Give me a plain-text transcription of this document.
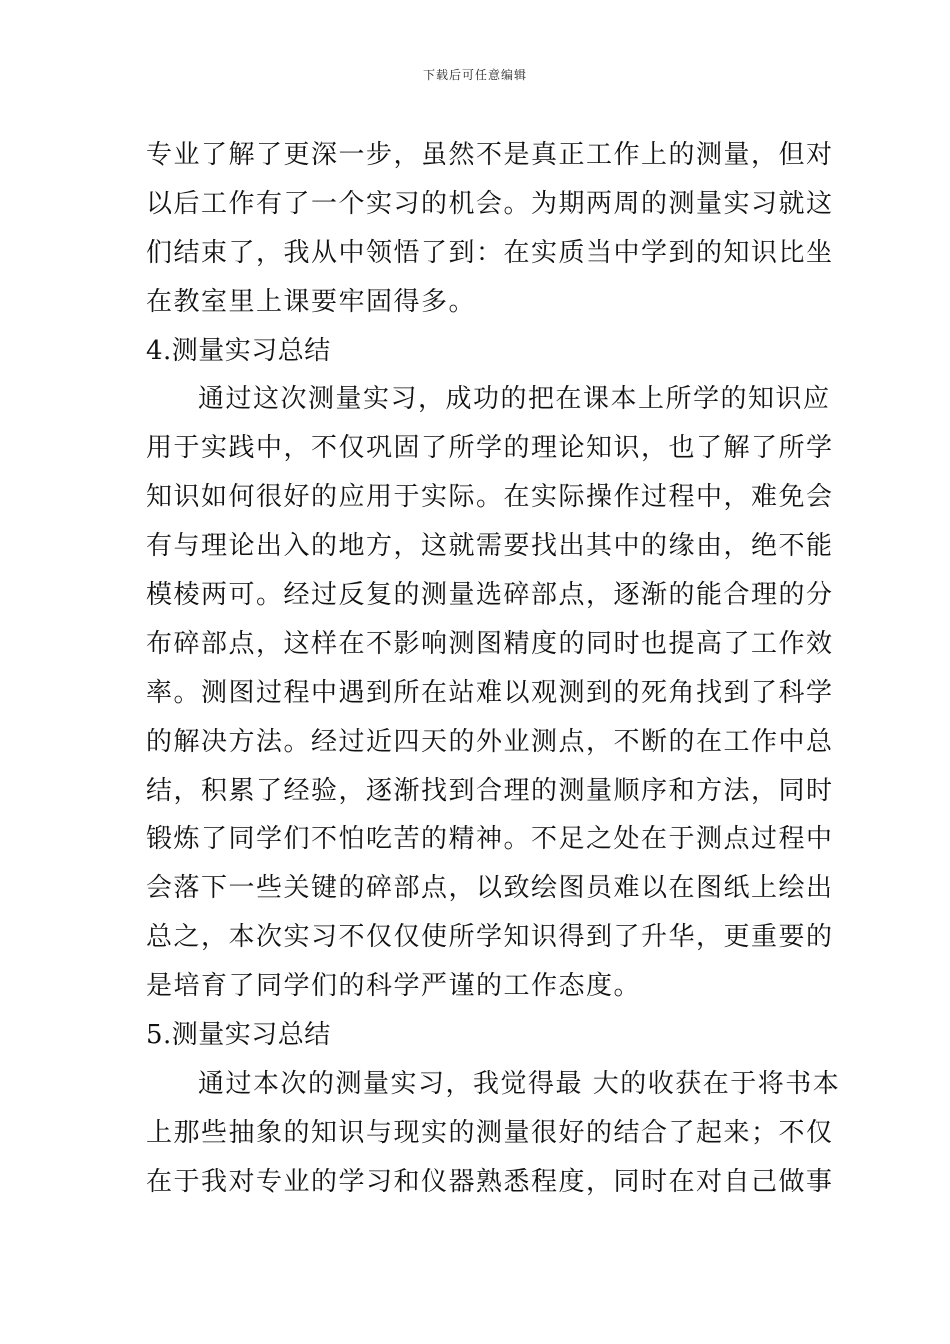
下载后可任意编辑
专业了解了更深一步，虽然不是真正工作上的测量，但对
以后工作有了一个实习的机会。为期两周的测量实习就这
们结束了，我从中领悟了到：在实质当中学到的知识比坐
在教室里上课要牢固得多。
4.测量实习总结
通过这次测量实习，成功的把在课本上所学的知识应
用于实践中，不仅巩固了所学的理论知识，也了解了所学
知识如何很好的应用于实际。在实际操作过程中，难免会
有与理论出入的地方，这就需要找出其中的缘由，绝不能
模棱两可。经过反复的测量选碎部点，逐渐的能合理的分
布碎部点，这样在不影响测图精度的同时也提高了工作效
率。测图过程中遇到所在站难以观测到的死角找到了科学
的解决方法。经过近四天的外业测点，不断的在工作中总
结，积累了经验，逐渐找到合理的测量顺序和方法，同时
锻炼了同学们不怕吃苦的精神。不足之处在于测点过程中
会落下一些关键的碎部点，以致绘图员难以在图纸上绘出
总之，本次实习不仅仅使所学知识得到了升华，更重要的
是培育了同学们的科学严谨的工作态度。
5.测量实习总结
通过本次的测量实习，我觉得最 大的收获在于将书本
上那些抽象的知识与现实的测量很好的结合了起来；不仅
在于我对专业的学习和仪器熟悉程度，同时在对自己做事
